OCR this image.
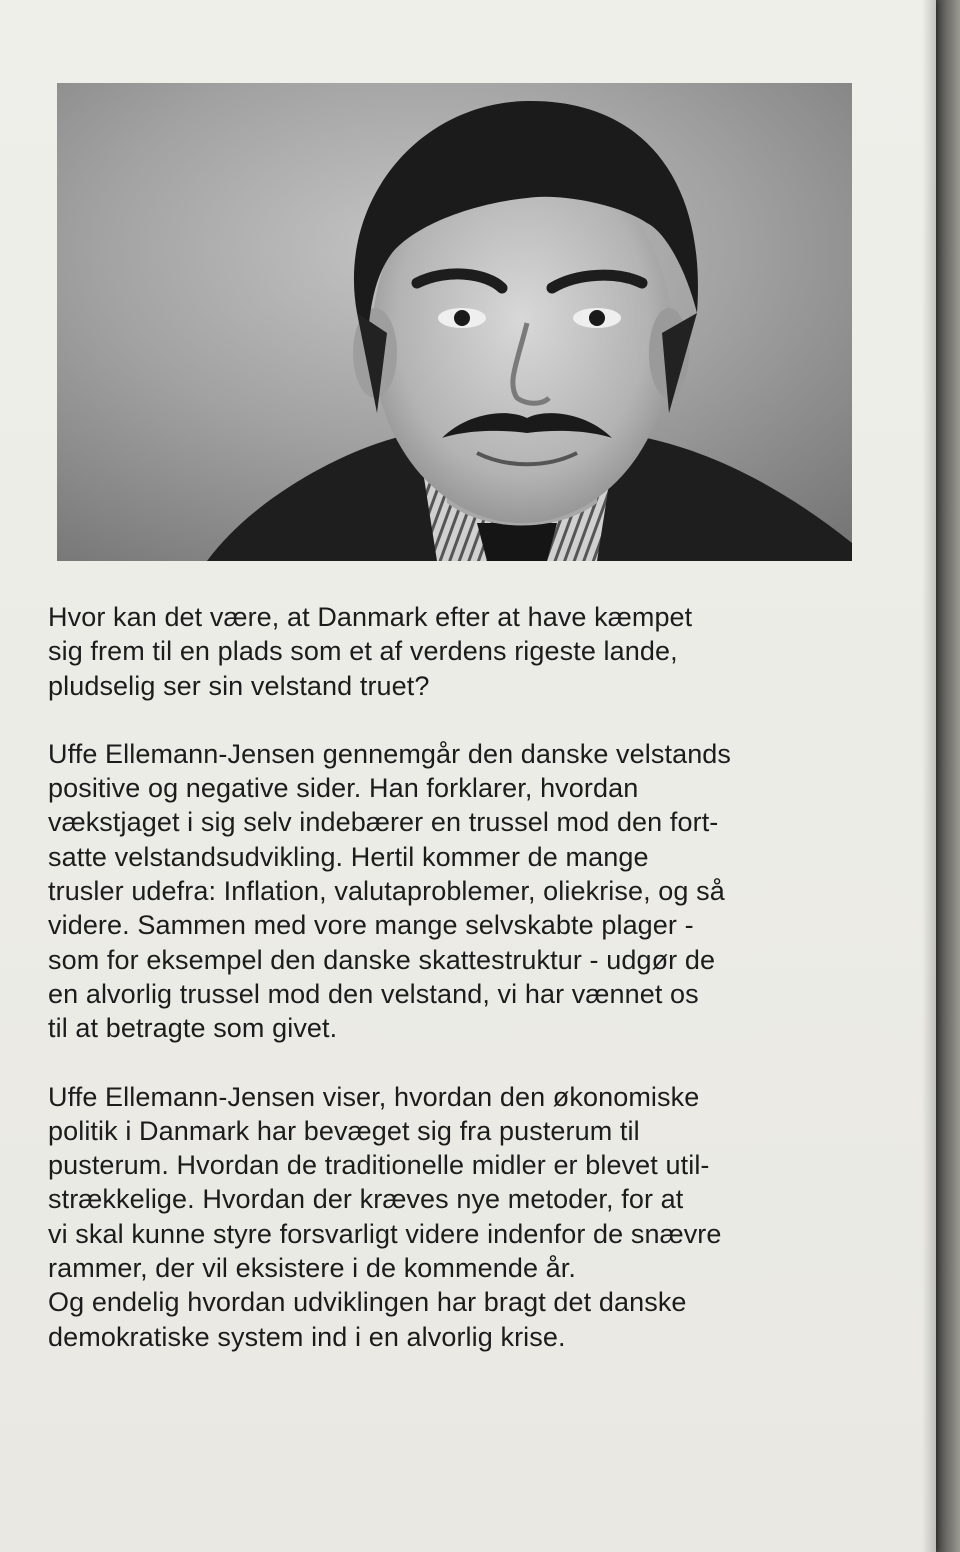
Hvor kan det være, at Danmark efter at have kæmpet
sig frem til en plads som et af verdens rigeste lande,
pludselig ser sin velstand truet?

Uffe Ellemann-Jensen gennemgår den danske velstands
positive og negative sider. Han forklarer, hvordan
vækstjaget i sig selv indebærer en trussel mod den fort-
satte velstandsudvikling. Hertil kommer de mange
trusler udefra: Inflation, valutaproblemer, oliekrise, og så
videre. Sammen med vore mange selvskabte plager -
som for eksempel den danske skattestruktur - udgør de
en alvorlig trussel mod den velstand, vi har vænnet os
til at betragte som givet.

Uffe Ellemann-Jensen viser, hvordan den økonomiske
politik i Danmark har bevæget sig fra pusterum til
pusterum. Hvordan de traditionelle midler er blevet util-
strækkelige. Hvordan der kræves nye metoder, for at
vi skal kunne styre forsvarligt videre indenfor de snævre
rammer, der vil eksistere i de kommende år.
Og endelig hvordan udviklingen har bragt det danske
demokratiske system ind i en alvorlig krise.
